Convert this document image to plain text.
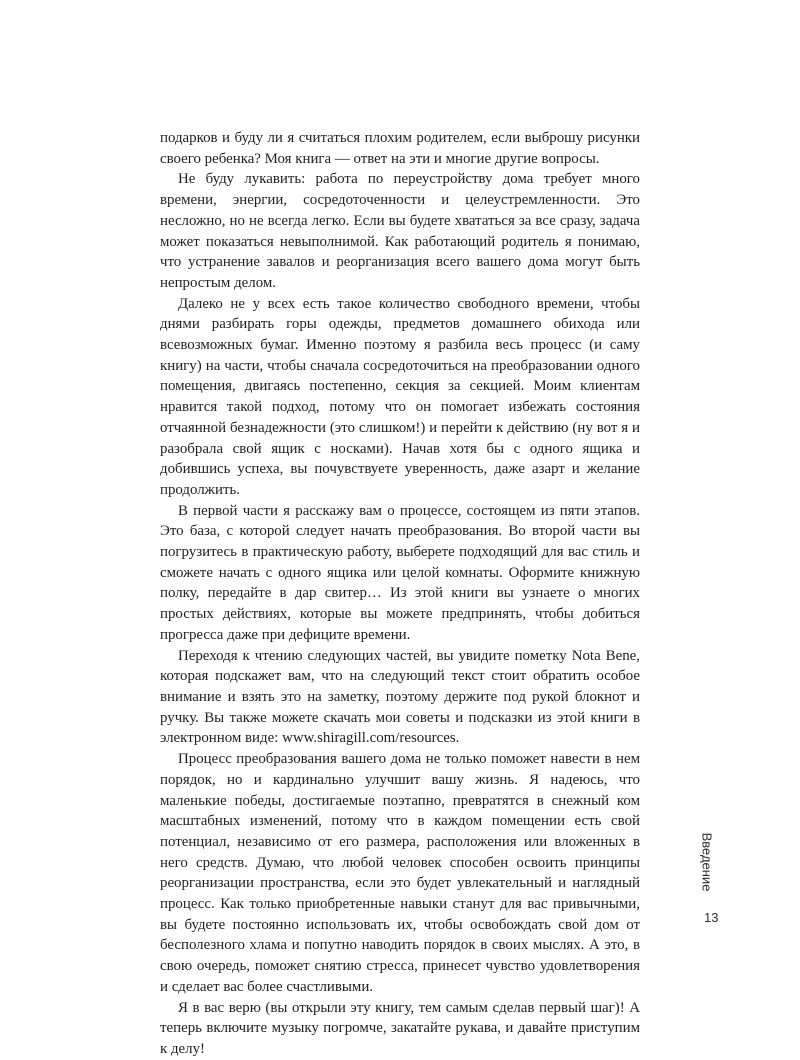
подарков и буду ли я считаться плохим родителем, если выброшу рисунки своего ребенка? Моя книга — ответ на эти и многие другие вопросы.

Не буду лукавить: работа по переустройству дома требует много времени, энергии, сосредоточенности и целеустремленности. Это несложно, но не всегда легко. Если вы будете хвататься за все сразу, задача может показаться невыполнимой. Как работающий родитель я понимаю, что устранение завалов и реорганизация всего вашего дома могут быть непростым делом.

Далеко не у всех есть такое количество свободного времени, чтобы днями разбирать горы одежды, предметов домашнего обихода или всевозможных бумаг. Именно поэтому я разбила весь процесс (и саму книгу) на части, чтобы сначала сосредоточиться на преобразовании одного помещения, двигаясь постепенно, секция за секцией. Моим клиентам нравится такой подход, потому что он помогает избежать состояния отчаянной безнадежности (это слишком!) и перейти к действию (ну вот я и разобрала свой ящик с носками). Начав хотя бы с одного ящика и добившись успеха, вы почувствуете уверенность, даже азарт и желание продолжить.

В первой части я расскажу вам о процессе, состоящем из пяти этапов. Это база, с которой следует начать преобразования. Во второй части вы погрузитесь в практическую работу, выберете подходящий для вас стиль и сможете начать с одного ящика или целой комнаты. Оформите книжную полку, передайте в дар свитер… Из этой книги вы узнаете о многих простых действиях, которые вы можете предпринять, чтобы добиться прогресса даже при дефиците времени.

Переходя к чтению следующих частей, вы увидите пометку Nota Bene, которая подскажет вам, что на следующий текст стоит обратить особое внимание и взять это на заметку, поэтому держите под рукой блокнот и ручку. Вы также можете скачать мои советы и подсказки из этой книги в электронном виде: www.shiragill.com/resources.

Процесс преобразования вашего дома не только поможет навести в нем порядок, но и кардинально улучшит вашу жизнь. Я надеюсь, что маленькие победы, достигаемые поэтапно, превратятся в снежный ком масштабных изменений, потому что в каждом помещении есть свой потенциал, независимо от его размера, расположения или вложенных в него средств. Думаю, что любой человек способен освоить принципы реорганизации пространства, если это будет увлекательный и наглядный процесс. Как только приобретенные навыки станут для вас привычными, вы будете постоянно использовать их, чтобы освобождать свой дом от бесполезного хлама и попутно наводить порядок в своих мыслях. А это, в свою очередь, поможет снятию стресса, принесет чувство удовлетворения и сделает вас более счастливыми.

Я в вас верю (вы открыли эту книгу, тем самым сделав первый шаг)! А теперь включите музыку погромче, закатайте рукава, и давайте приступим к делу!

Введение
13
